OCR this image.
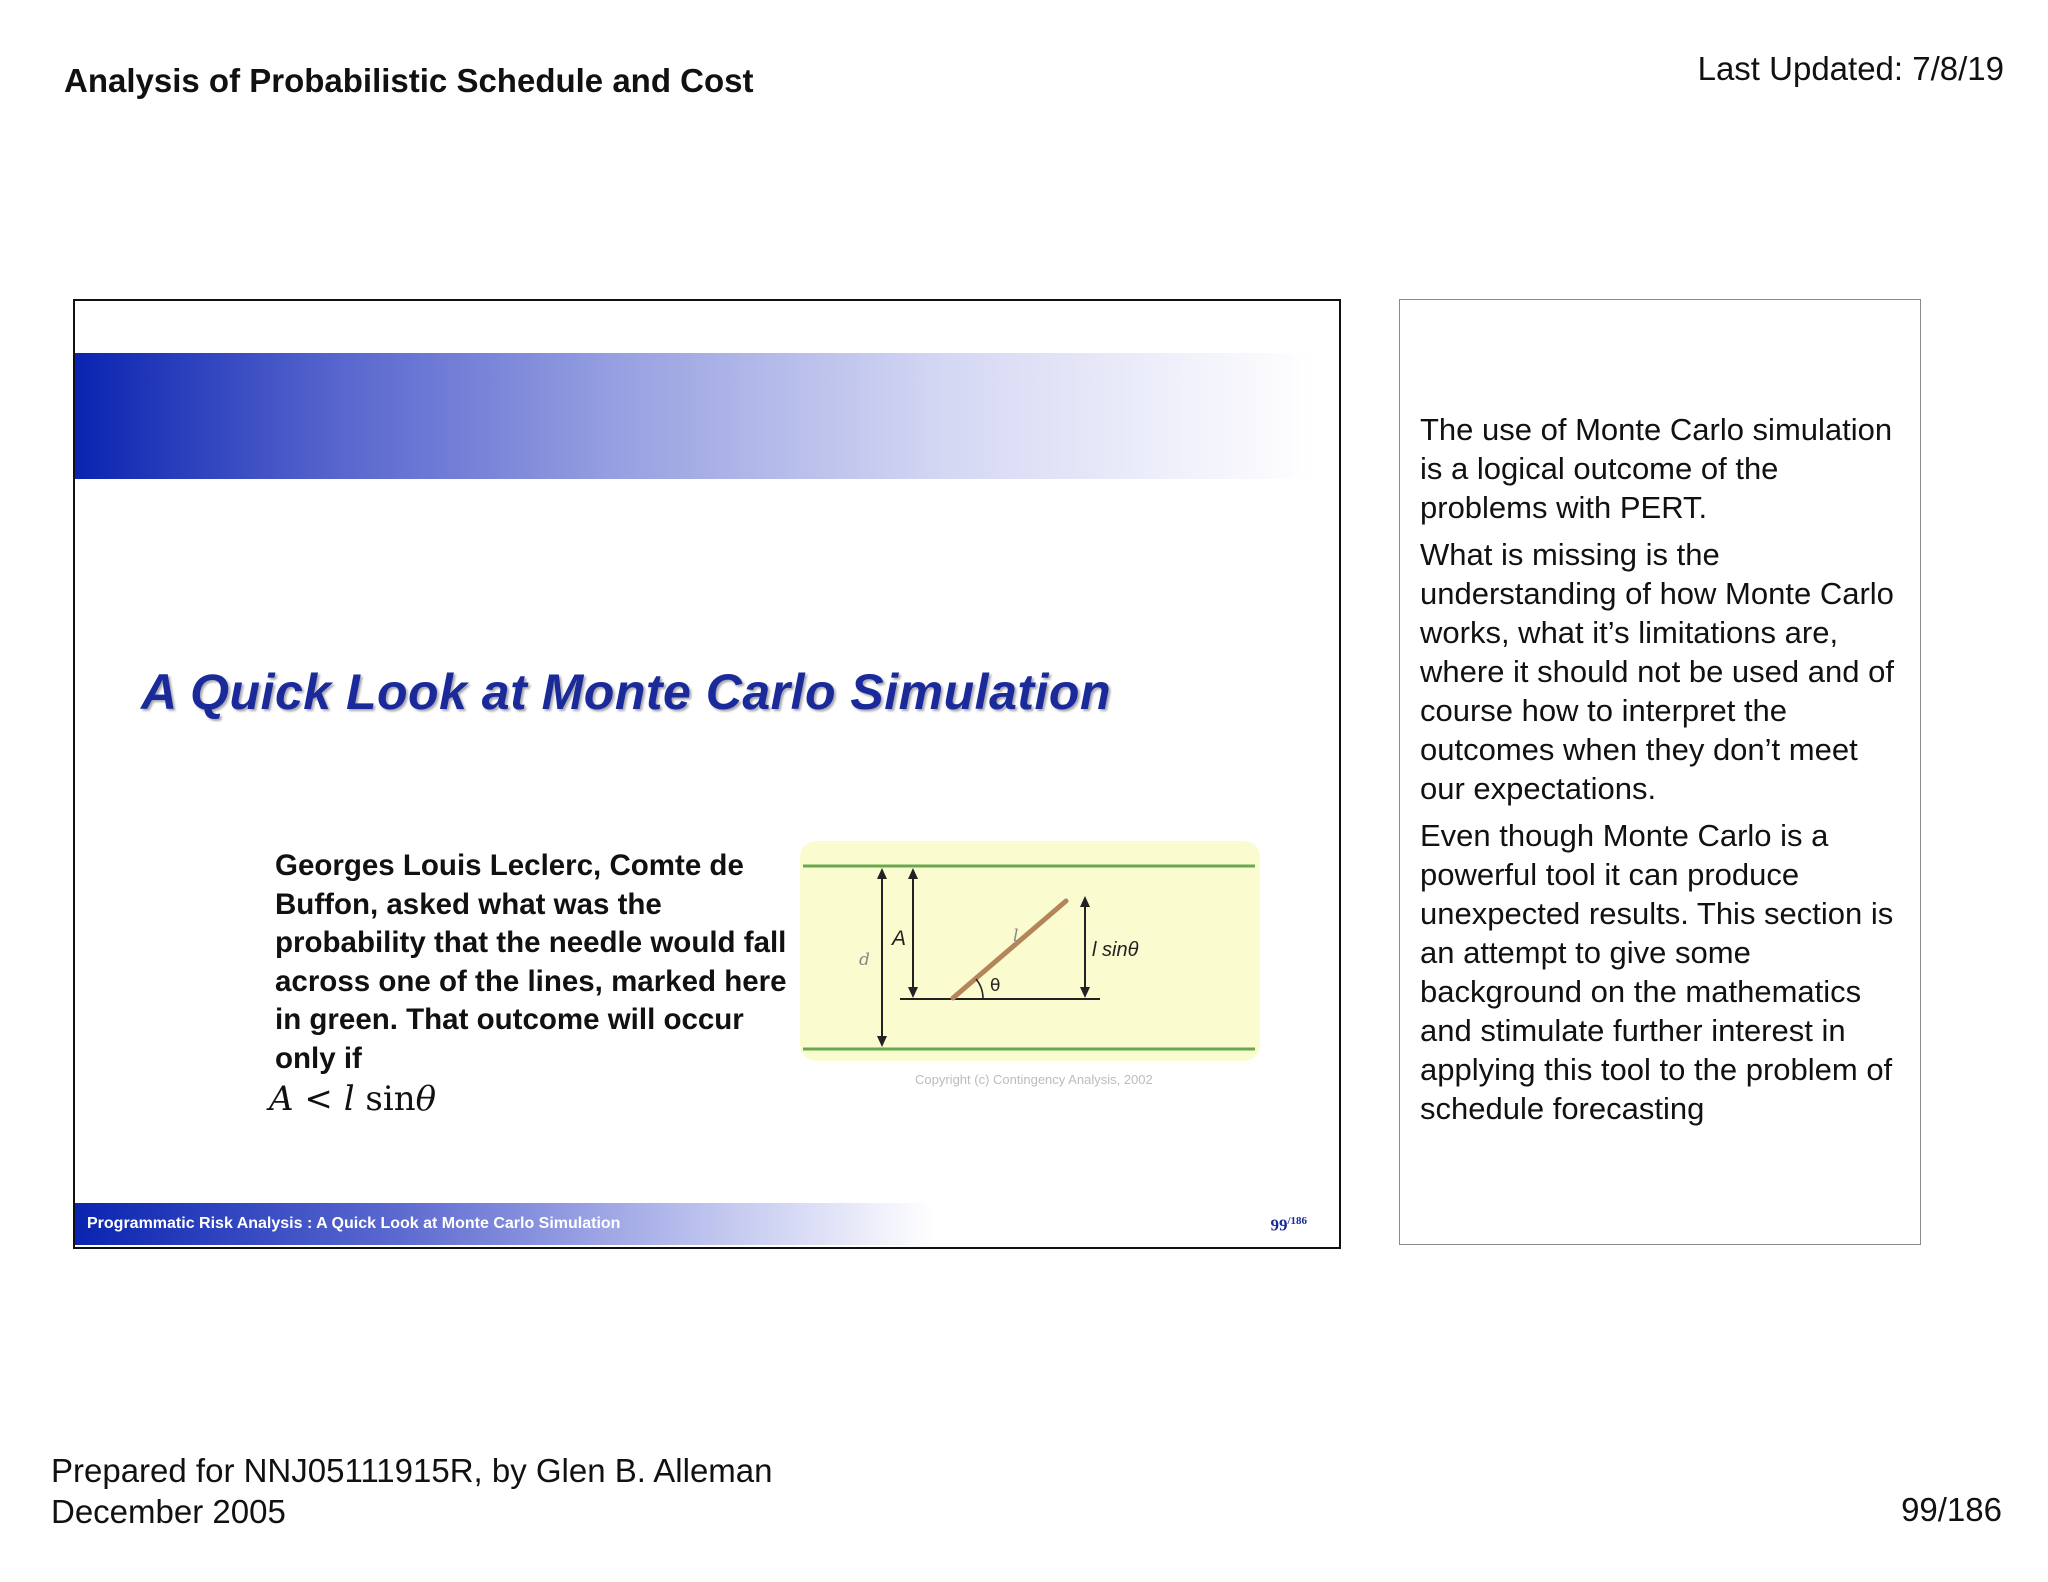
Analysis of Probabilistic Schedule and Cost	Last Updated: 7/8/19
A Quick Look at Monte Carlo Simulation
Georges Louis Leclerc, Comte de Buffon, asked what was the probability that the needle would fall across one of the lines, marked here in green. That outcome will occur only if
A < l sinθ
d
A	l
l sinθ
θ
Copyright (c) Contingency Analysis, 2002
Programmatic Risk Analysis : A Quick Look at Monte Carlo Simulation	$99^{/186}$

The use of Monte Carlo simulation is a logical outcome of the problems with PERT.

What is missing is the understanding of how Monte Carlo works, what it’s limitations are, where it should not be used and of course how to interpret the outcomes when they don’t meet our expectations.

Even though Monte Carlo is a powerful tool it can produce unexpected results. This section is an attempt to give some background on the mathematics and stimulate further interest in applying this tool to the problem of schedule forecasting

Prepared for NNJ05111915R, by Glen B. Alleman
December 2005	99/186
